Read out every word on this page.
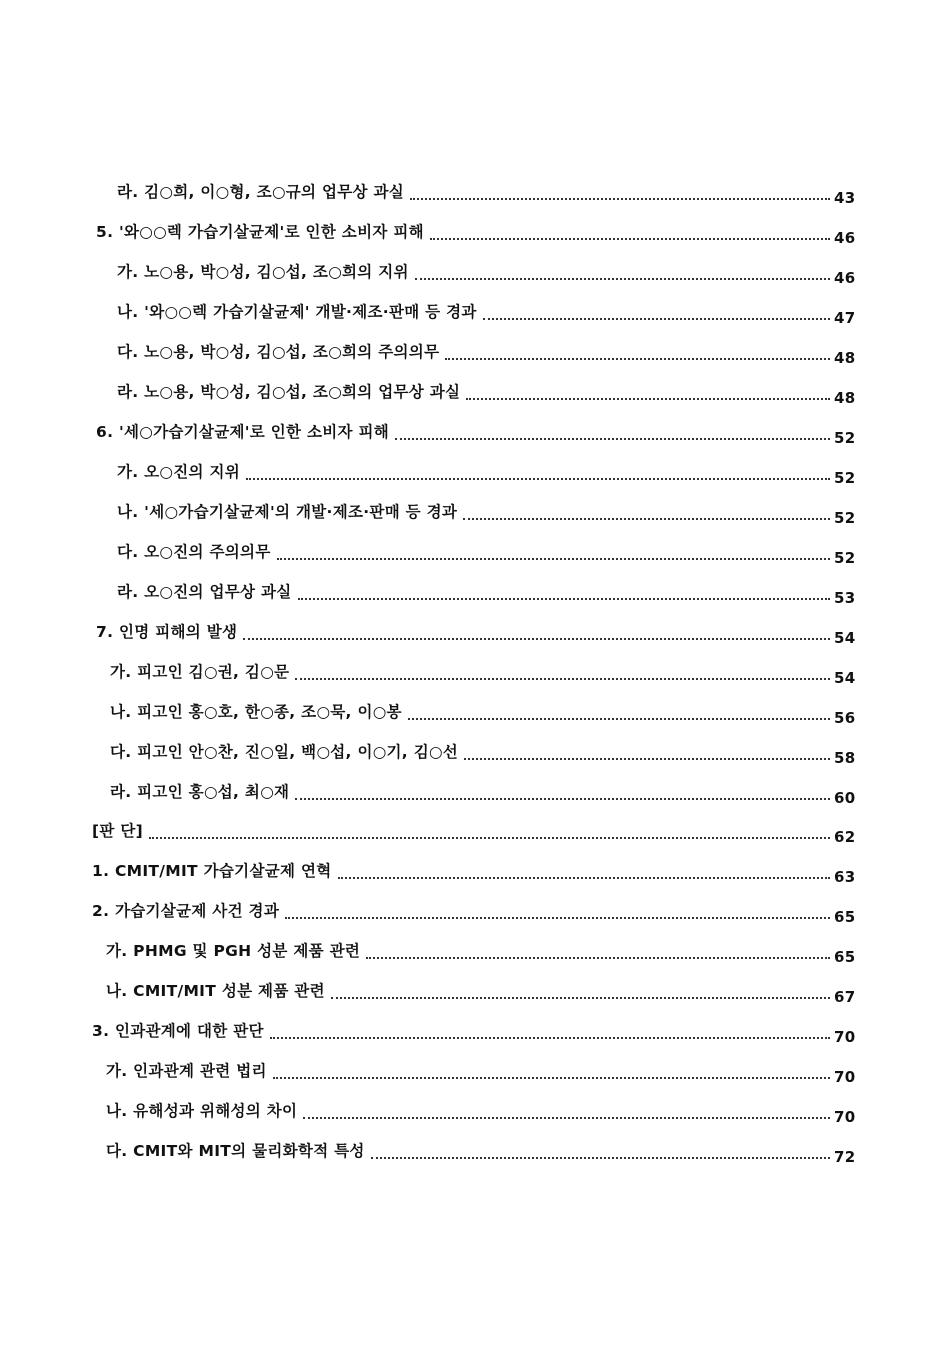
라. 김○희, 이○형, 조○규의 업무상 과실	43
5. '와○○렉 가습기살균제'로 인한 소비자 피해	46
가. 노○용, 박○성, 김○섭, 조○희의 지위	46
나. '와○○렉 가습기살균제' 개발·제조·판매 등 경과	47
다. 노○용, 박○성, 김○섭, 조○희의 주의의무	48
라. 노○용, 박○성, 김○섭, 조○희의 업무상 과실	48
6. '세○가습기살균제'로 인한 소비자 피해	52
가. 오○진의 지위	52
나. '세○가습기살균제'의 개발·제조·판매 등 경과	52
다. 오○진의 주의의무	52
라. 오○진의 업무상 과실	53
7. 인명 피해의 발생	54
가. 피고인 김○권, 김○문	54
나. 피고인 홍○호, 한○종, 조○묵, 이○봉	56
다. 피고인 안○찬, 진○일, 백○섭, 이○기, 김○선	58
라. 피고인 홍○섭, 최○재	60
[판 단]	62
1. CMIT/MIT 가습기살균제 연혁	63
2. 가습기살균제 사건 경과	65
가. PHMG 및 PGH 성분 제품 관련	65
나. CMIT/MIT 성분 제품 관련	67
3. 인과관계에 대한 판단	70
가. 인과관계 관련 법리	70
나. 유해성과 위해성의 차이	70
다. CMIT와 MIT의 물리화학적 특성	72
